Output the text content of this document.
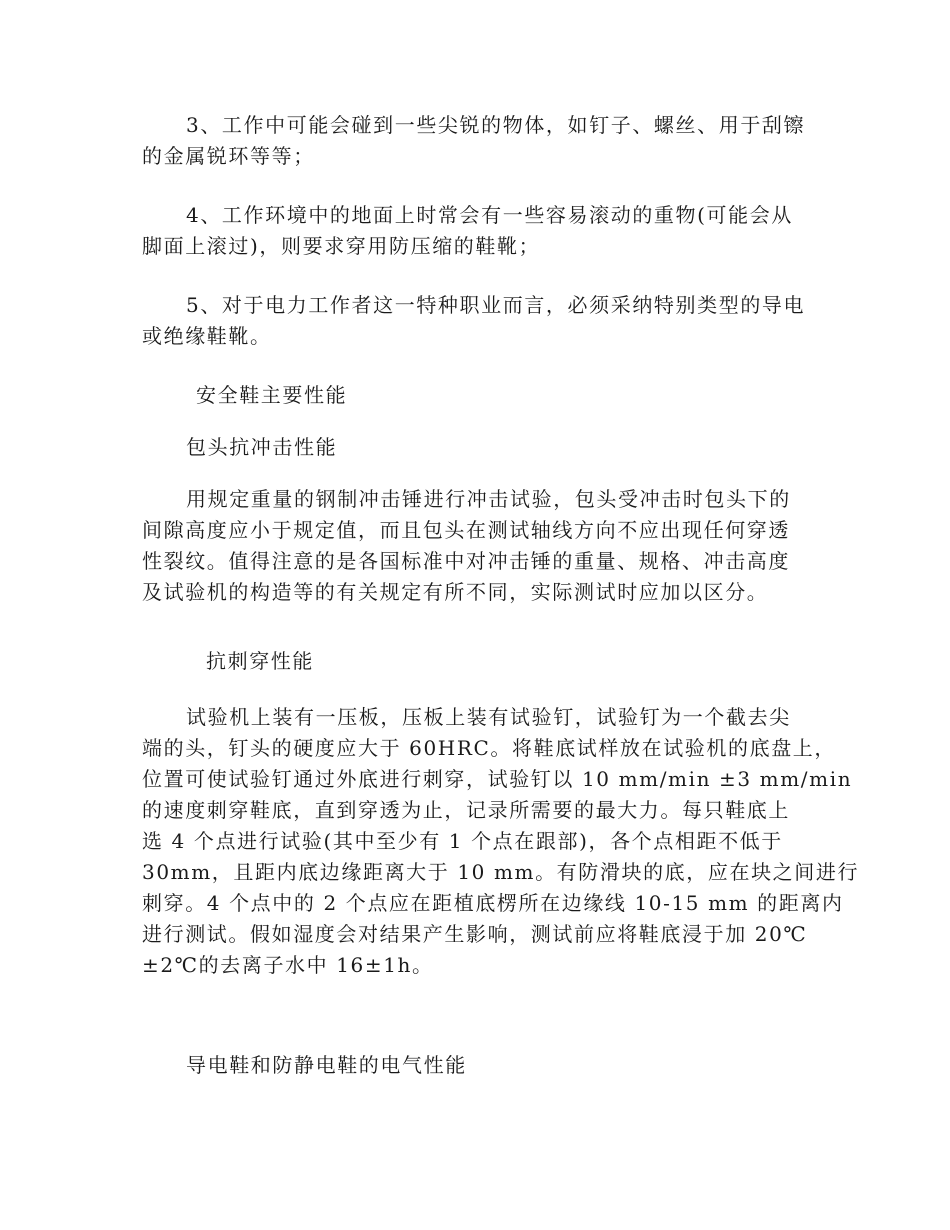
3、工作中可能会碰到一些尖锐的物体，如钉子、螺丝、用于刮镲
的金属锐环等等；
4、工作环境中的地面上时常会有一些容易滚动的重物(可能会从
脚面上滚过)，则要求穿用防压缩的鞋靴；
5、对于电力工作者这一特种职业而言，必须采纳特别类型的导电
或绝缘鞋靴。
安全鞋主要性能
包头抗冲击性能
用规定重量的钢制冲击锤进行冲击试验，包头受冲击时包头下的
间隙高度应小于规定值，而且包头在测试轴线方向不应出现任何穿透
性裂纹。值得注意的是各国标准中对冲击锤的重量、规格、冲击高度
及试验机的构造等的有关规定有所不同，实际测试时应加以区分。
抗刺穿性能
试验机上装有一压板，压板上装有试验钉，试验钉为一个截去尖
端的头，钉头的硬度应大于 60HRC。将鞋底试样放在试验机的底盘上，
位置可使试验钉通过外底进行刺穿，试验钉以 10 mm/min ±3 mm/min
的速度刺穿鞋底，直到穿透为止，记录所需要的最大力。每只鞋底上
选 4 个点进行试验(其中至少有 1 个点在跟部)，各个点相距不低于
30mm，且距内底边缘距离大于 10 mm。有防滑块的底，应在块之间进行
刺穿。4 个点中的 2 个点应在距植底楞所在边缘线 10-15 mm 的距离内
进行测试。假如湿度会对结果产生影响，测试前应将鞋底浸于加 20℃
±2℃的去离子水中 16±1h。
导电鞋和防静电鞋的电气性能
